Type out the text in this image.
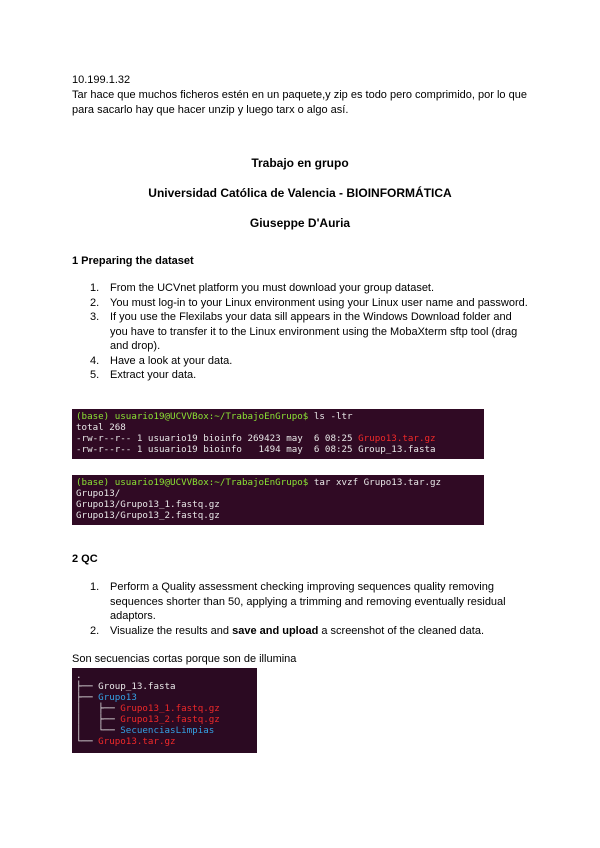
10.199.1.32
Tar hace que muchos ficheros estén en un paquete,y zip es todo pero comprimido, por lo que para sacarlo hay que hacer unzip y luego tarx o algo así.
Trabajo en grupo
Universidad Católica de Valencia - BIOINFORMÁTICA
Giuseppe D'Auria
1 Preparing the dataset
1. From the UCVnet platform you must download your group dataset.
2. You must log-in to your Linux environment using your Linux user name and password.
3. If you use the Flexilabs your data sill appears in the Windows Download folder and you have to transfer it to the Linux environment using the MobaXterm sftp tool (drag and drop).
4. Have a look at your data.
5. Extract your data.
(base) usuario19@UCVVBox:~/TrabajoEnGrupo$ ls -ltr
total 268
-rw-r--r-- 1 usuario19 bioinfo 269423 may  6 08:25 Grupo13.tar.gz
-rw-r--r-- 1 usuario19 bioinfo   1494 may  6 08:25 Group_13.fasta
(base) usuario19@UCVVBox:~/TrabajoEnGrupo$ tar xvzf Grupo13.tar.gz
Grupo13/
Grupo13/Grupo13_1.fastq.gz
Grupo13/Grupo13_2.fastq.gz
2 QC
1. Perform a Quality assessment checking improving sequences quality removing sequences shorter than 50, applying a trimming and removing eventually residual adaptors.
2. Visualize the results and save and upload a screenshot of the cleaned data.
Son secuencias cortas porque son de illumina
.
├── Group_13.fasta
├── Grupo13
│   ├── Grupo13_1.fastq.gz
│   ├── Grupo13_2.fastq.gz
│   └── SecuenciasLimpias
└── Grupo13.tar.gz
